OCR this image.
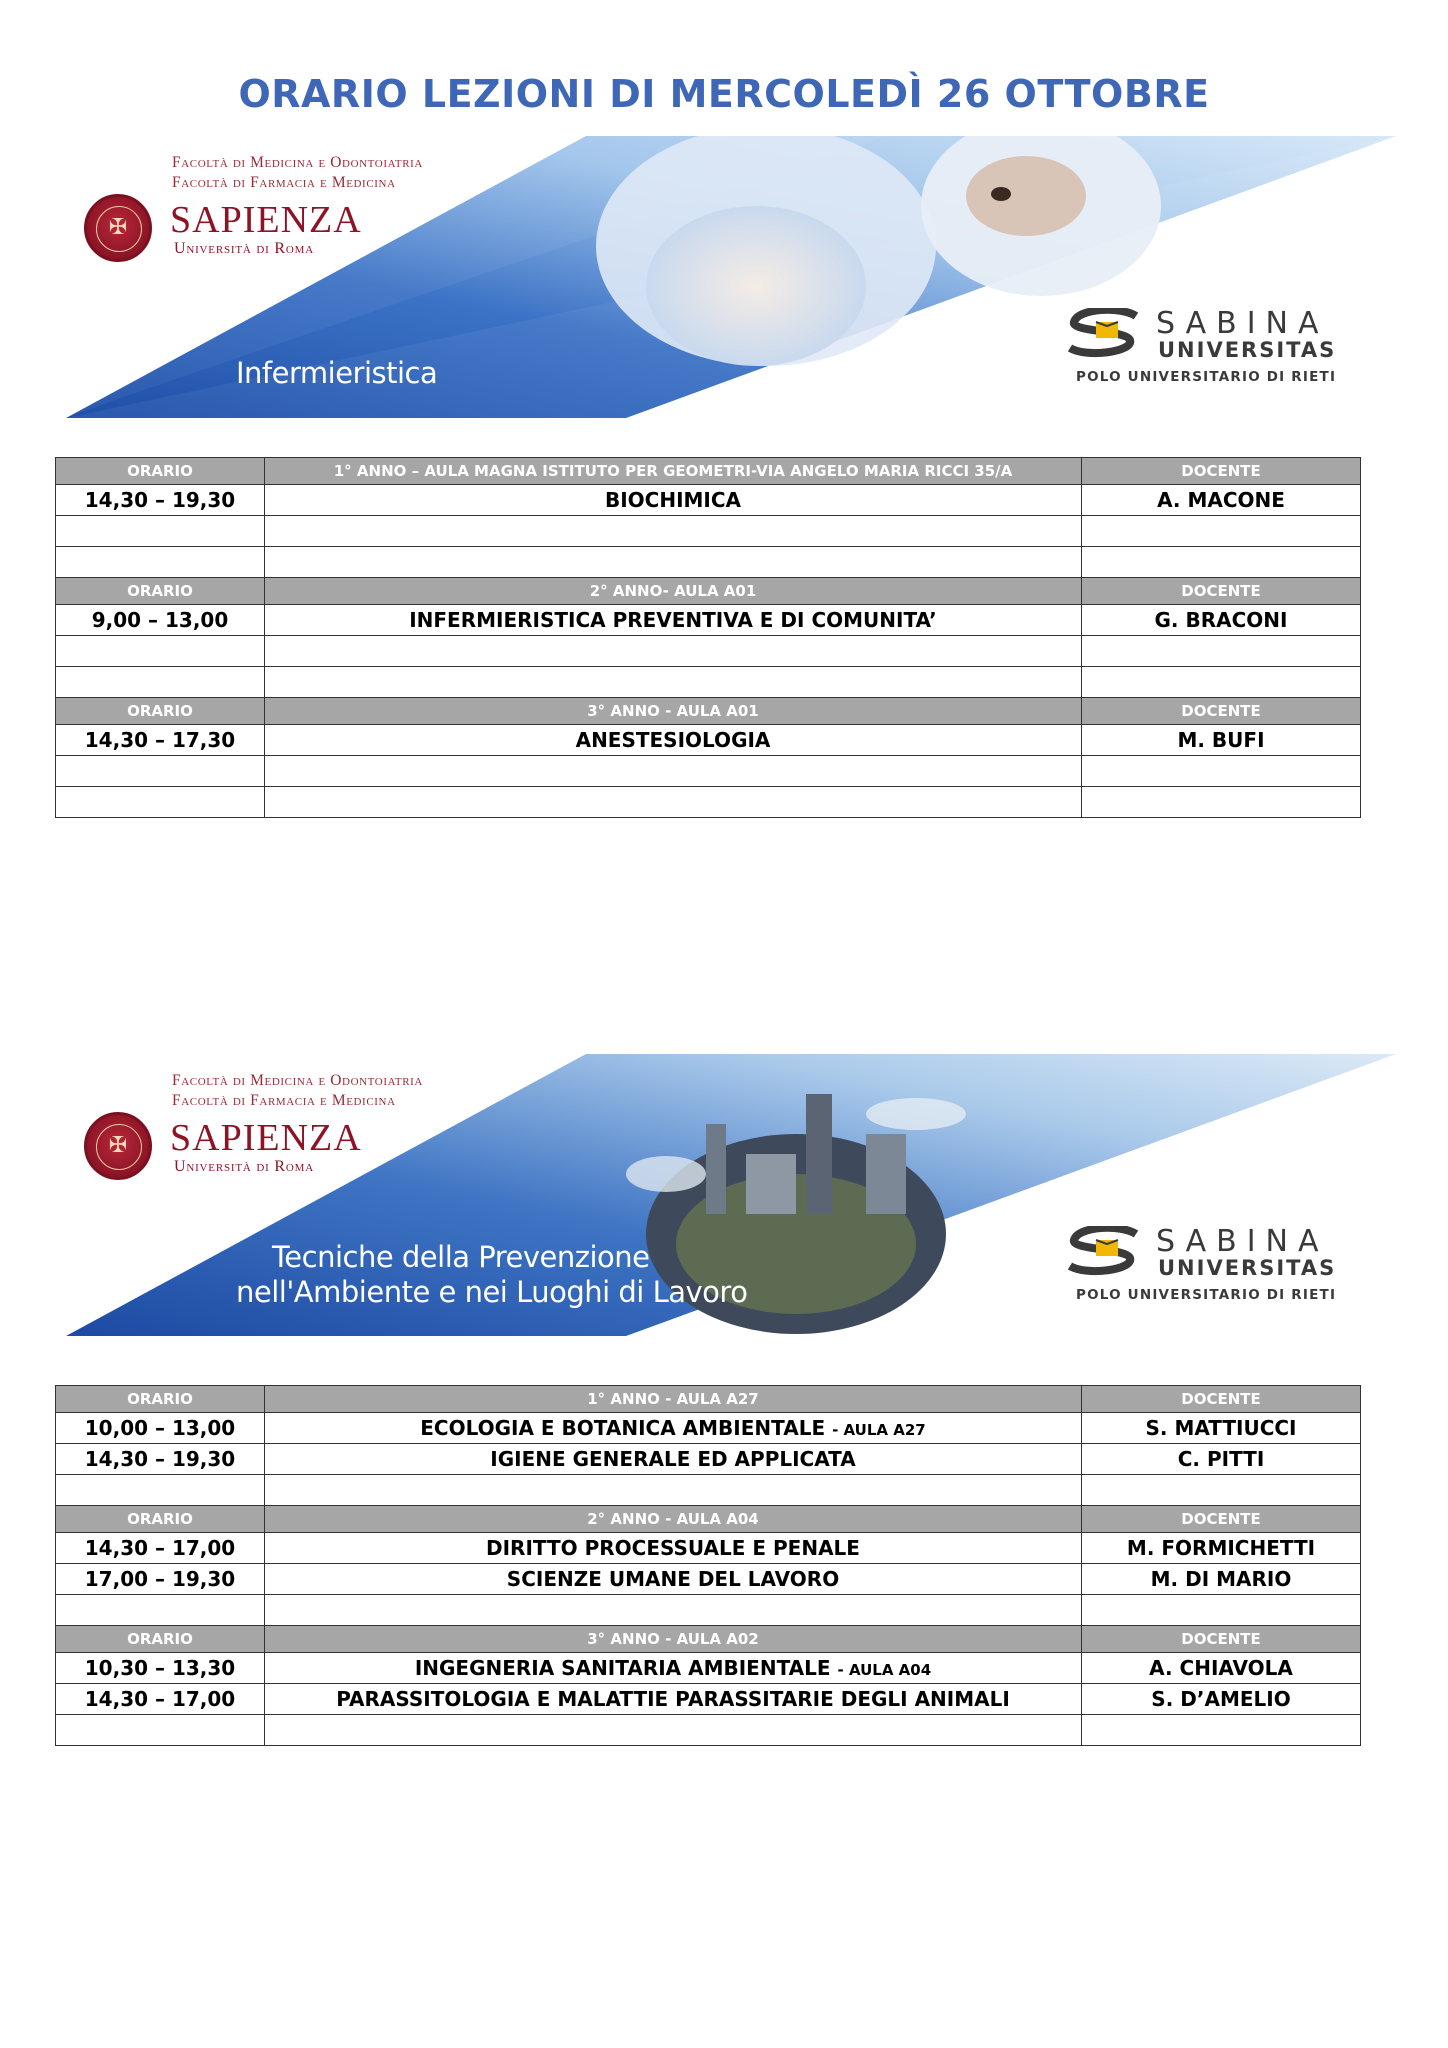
ORARIO LEZIONI DI MERCOLEDÌ 26 OTTOBRE
✠
Facoltà di Medicina e Odontoiatria
Facoltà di Farmacia e Medicina
SAPIENZA
Università di Roma
Infermieristica
SABINA
UNIVERSITAS
POLO UNIVERSITARIO DI RIETI
ORARIO	1° ANNO – AULA MAGNA ISTITUTO PER GEOMETRI-VIA ANGELO MARIA RICCI 35/A	DOCENTE
14,30 – 19,30	BIOCHIMICA	A. MACONE

ORARIO	2° ANNO- AULA A01	DOCENTE
9,00 – 13,00	INFERMIERISTICA PREVENTIVA E DI COMUNITA’	G. BRACONI

ORARIO	3° ANNO - AULA A01	DOCENTE
14,30 – 17,30	ANESTESIOLOGIA	M. BUFI

✠
Facoltà di Medicina e Odontoiatria
Facoltà di Farmacia e Medicina
SAPIENZA
Università di Roma
Tecniche della Prevenzione
nell'Ambiente e nei Luoghi di Lavoro
SABINA
UNIVERSITAS
POLO UNIVERSITARIO DI RIETI
ORARIO	1° ANNO - AULA A27	DOCENTE
10,00 – 13,00	ECOLOGIA E BOTANICA AMBIENTALE - AULA A27	S. MATTIUCCI
14,30 – 19,30	IGIENE GENERALE ED APPLICATA	C. PITTI

ORARIO	2° ANNO - AULA A04	DOCENTE
14,30 – 17,00	DIRITTO PROCESSUALE E PENALE	M. FORMICHETTI
17,00 – 19,30	SCIENZE UMANE DEL LAVORO	M. DI MARIO

ORARIO	3° ANNO - AULA A02	DOCENTE
10,30 – 13,30	INGEGNERIA SANITARIA AMBIENTALE - AULA A04	A. CHIAVOLA
14,30 – 17,00	PARASSITOLOGIA E MALATTIE PARASSITARIE DEGLI ANIMALI	S. D’AMELIO
